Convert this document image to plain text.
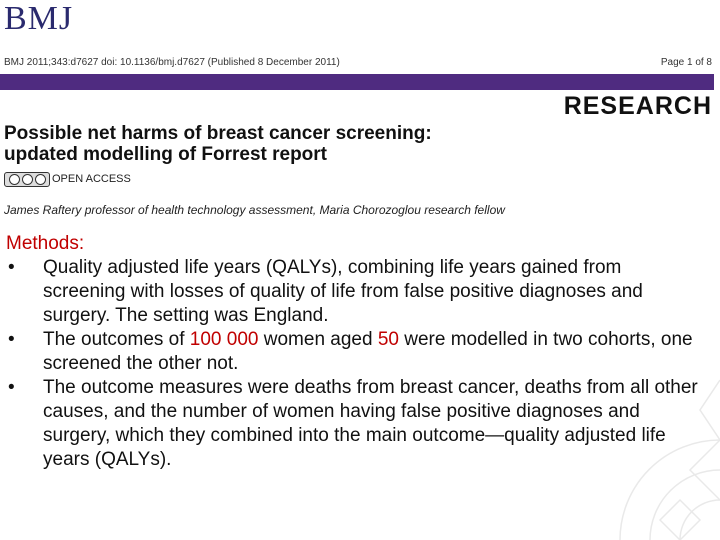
BMJ
BMJ 2011;343:d7627 doi: 10.1136/bmj.d7627 (Published 8 December 2011)	Page 1 of 8
RESEARCH
Possible net harms of breast cancer screening:
updated modelling of Forrest report
OPEN ACCESS
James Raftery professor of health technology assessment, Maria Chorozoglou research fellow
Methods:
• Quality adjusted life years (QALYs), combining life years gained from screening with losses of quality of life from false positive diagnoses and surgery. The setting was England.
• The outcomes of 100 000 women aged 50 were modelled in two cohorts, one screened the other not.
• The outcome measures were deaths from breast cancer, deaths from all other causes, and the number of women having false positive diagnoses and surgery, which they combined into the main outcome—quality adjusted life years (QALYs).
